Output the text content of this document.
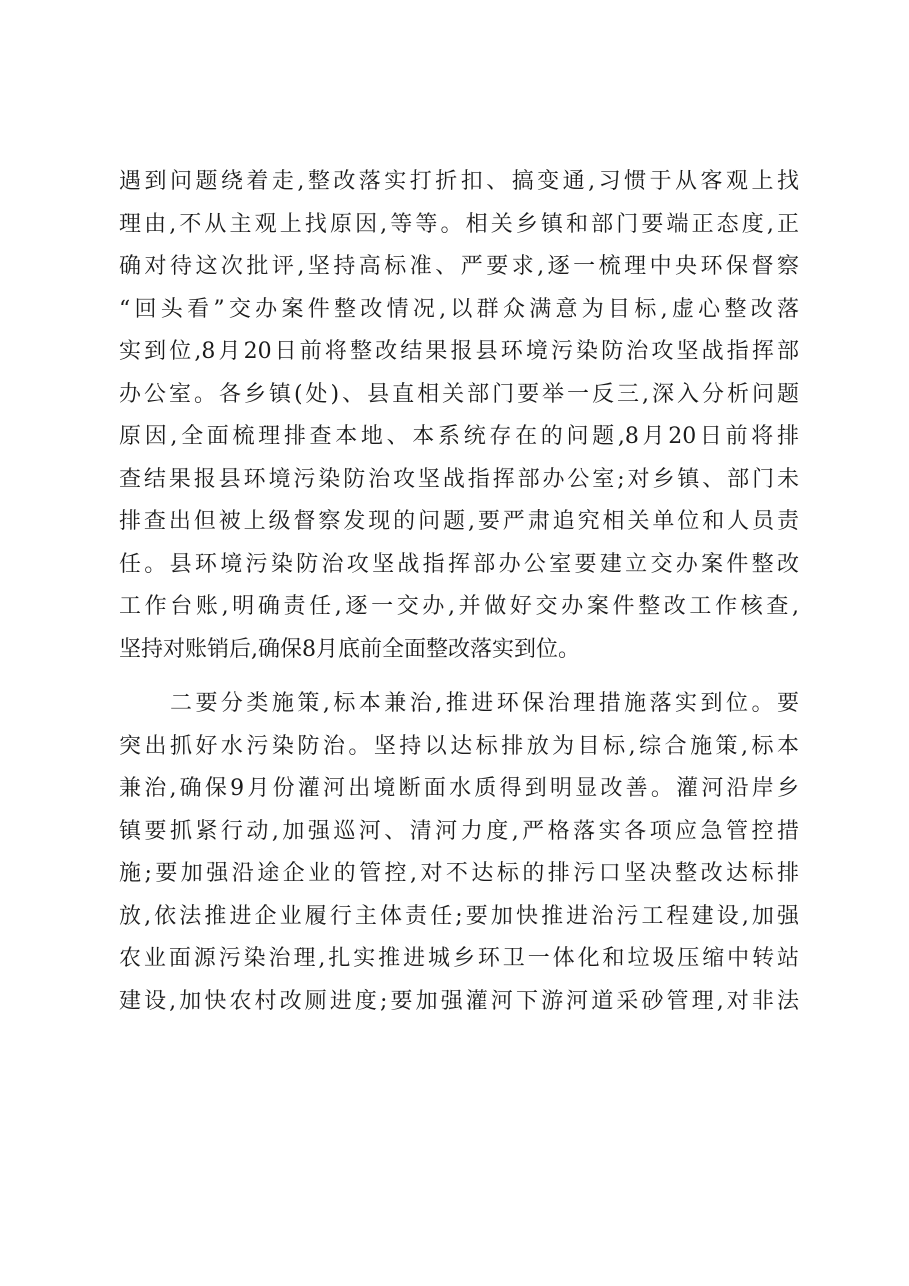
遇到问题绕着走,整改落实打折扣、搞变通,习惯于从客观上找
理由,不从主观上找原因,等等。相关乡镇和部门要端正态度,正
确对待这次批评,坚持高标准、严要求,逐一梳理中央环保督察
“回头看”交办案件整改情况,以群众满意为目标,虚心整改落
实到位,8月20日前将整改结果报县环境污染防治攻坚战指挥部
办公室。各乡镇(处)、县直相关部门要举一反三,深入分析问题
原因,全面梳理排查本地、本系统存在的问题,8月20日前将排
查结果报县环境污染防治攻坚战指挥部办公室;对乡镇、部门未
排查出但被上级督察发现的问题,要严肃追究相关单位和人员责
任。县环境污染防治攻坚战指挥部办公室要建立交办案件整改
工作台账,明确责任,逐一交办,并做好交办案件整改工作核查,
坚持对账销后,确保8月底前全面整改落实到位。
　　二要分类施策,标本兼治,推进环保治理措施落实到位。要
突出抓好水污染防治。坚持以达标排放为目标,综合施策,标本
兼治,确保9月份灌河出境断面水质得到明显改善。灌河沿岸乡
镇要抓紧行动,加强巡河、清河力度,严格落实各项应急管控措
施;要加强沿途企业的管控,对不达标的排污口坚决整改达标排
放,依法推进企业履行主体责任;要加快推进治污工程建设,加强
农业面源污染治理,扎实推进城乡环卫一体化和垃圾压缩中转站
建设,加快农村改厕进度;要加强灌河下游河道采砂管理,对非法
